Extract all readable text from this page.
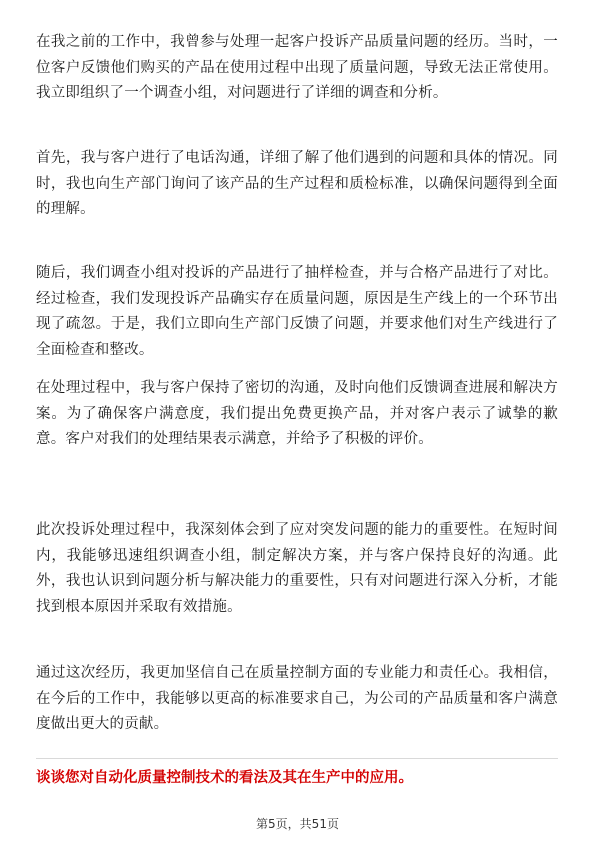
在我之前的工作中，我曾参与处理一起客户投诉产品质量问题的经历。当时，一位客户反馈他们购买的产品在使用过程中出现了质量问题，导致无法正常使用。我立即组织了一个调查小组，对问题进行了详细的调查和分析。

首先，我与客户进行了电话沟通，详细了解了他们遇到的问题和具体的情况。同时，我也向生产部门询问了该产品的生产过程和质检标准，以确保问题得到全面的理解。

随后，我们调查小组对投诉的产品进行了抽样检查，并与合格产品进行了对比。经过检查，我们发现投诉产品确实存在质量问题，原因是生产线上的一个环节出现了疏忽。于是，我们立即向生产部门反馈了问题，并要求他们对生产线进行了全面检查和整改。

在处理过程中，我与客户保持了密切的沟通，及时向他们反馈调查进展和解决方案。为了确保客户满意度，我们提出免费更换产品，并对客户表示了诚挚的歉意。客户对我们的处理结果表示满意，并给予了积极的评价。

此次投诉处理过程中，我深刻体会到了应对突发问题的能力的重要性。在短时间内，我能够迅速组织调查小组，制定解决方案，并与客户保持良好的沟通。此外，我也认识到问题分析与解决能力的重要性，只有对问题进行深入分析，才能找到根本原因并采取有效措施。

通过这次经历，我更加坚信自己在质量控制方面的专业能力和责任心。我相信，在今后的工作中，我能够以更高的标准要求自己，为公司的产品质量和客户满意度做出更大的贡献。

谈谈您对自动化质量控制技术的看法及其在生产中的应用。

第5页，共51页
